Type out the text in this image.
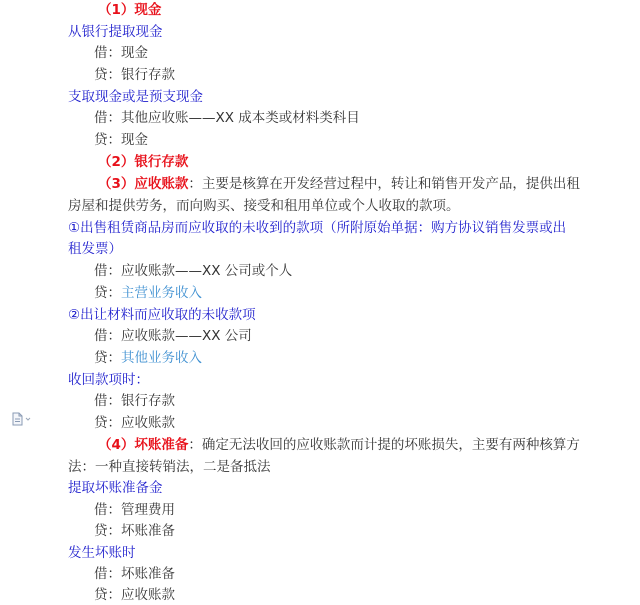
（1）现金
从银行提取现金
借：现金
贷：银行存款
支取现金或是预支现金
借：其他应收账——XX 成本类或材料类科目
贷：现金
（2）银行存款
（3）应收账款：主要是核算在开发经营过程中，转让和销售开发产品，提供出租
房屋和提供劳务，而向购买、接受和租用单位或个人收取的款项。
①出售租赁商品房而应收取的未收到的款项（所附原始单据：购方协议销售发票或出
租发票）
借：应收账款——XX 公司或个人
贷：主营业务收入
②出让材料而应收取的未收款项
借：应收账款——XX 公司
贷：其他业务收入
收回款项时：
借：银行存款
贷：应收账款
（4）坏账准备：确定无法收回的应收账款而计提的坏账损失，主要有两种核算方
法：一种直接转销法，二是备抵法
提取坏账准备金
借：管理费用
贷：坏账准备
发生坏账时
借：坏账准备
贷：应收账款
